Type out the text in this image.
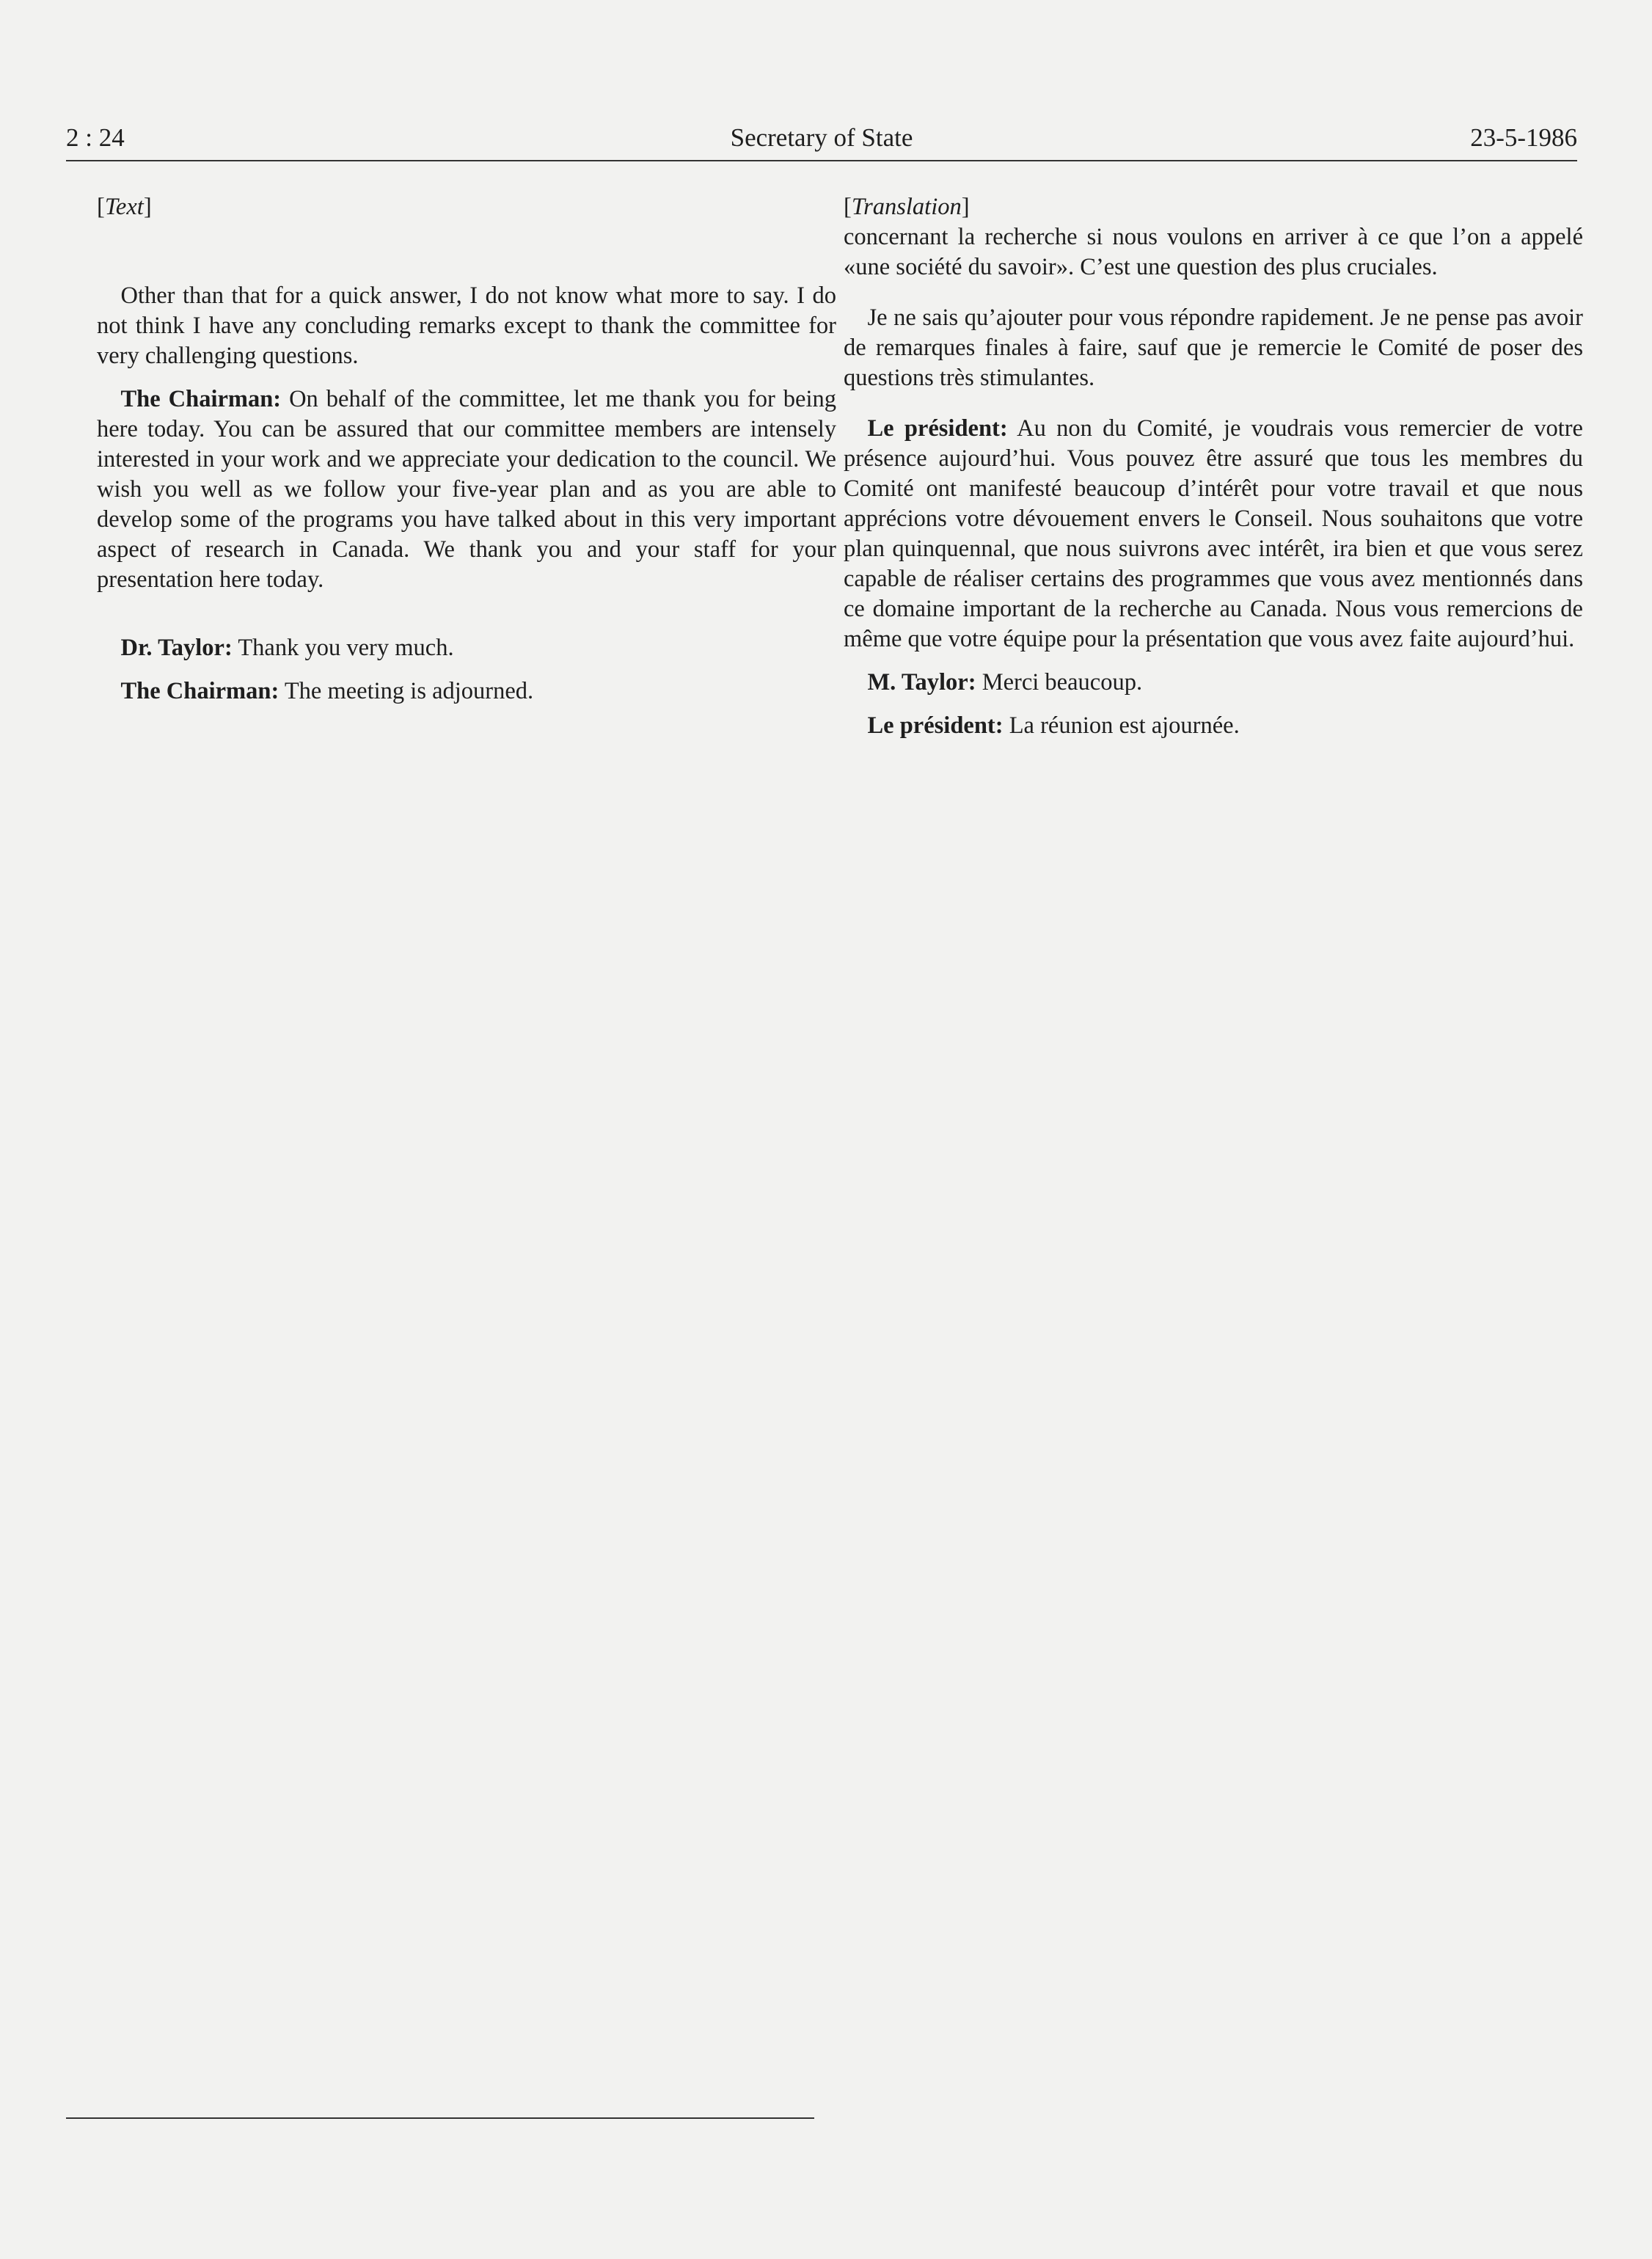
2 : 24	Secretary of State	23-5-1986

[Text]

 Other than that for a quick answer, I do not know what more to say. I do not think I have any concluding remarks except to thank the committee for very challenging questions.

 The Chairman: On behalf of the committee, let me thank you for being here today. You can be assured that our committee members are intensely interested in your work and we appreciate your dedication to the council. We wish you well as we follow your five-year plan and as you are able to develop some of the programs you have talked about in this very important aspect of research in Canada. We thank you and your staff for your presentation here today.

 Dr. Taylor: Thank you very much.

 The Chairman: The meeting is adjourned.

[Translation]

concernant la recherche si nous voulons en arriver à ce que l’on a appelé «une société du savoir». C’est une question des plus cruciales.

 Je ne sais qu’ajouter pour vous répondre rapidement. Je ne pense pas avoir de remarques finales à faire, sauf que je remercie le Comité de poser des questions très stimulantes.

 Le président: Au non du Comité, je voudrais vous remercier de votre présence aujourd’hui. Vous pouvez être assuré que tous les membres du Comité ont manifesté beaucoup d’intérêt pour votre travail et que nous apprécions votre dévouement envers le Conseil. Nous souhaitons que votre plan quinquennal, que nous suivrons avec intérêt, ira bien et que vous serez capable de réaliser certains des programmes que vous avez mentionnés dans ce domaine important de la recherche au Canada. Nous vous remercions de même que votre équipe pour la présentation que vous avez faite aujourd’hui.

 M. Taylor: Merci beaucoup.

 Le président: La réunion est ajournée.
